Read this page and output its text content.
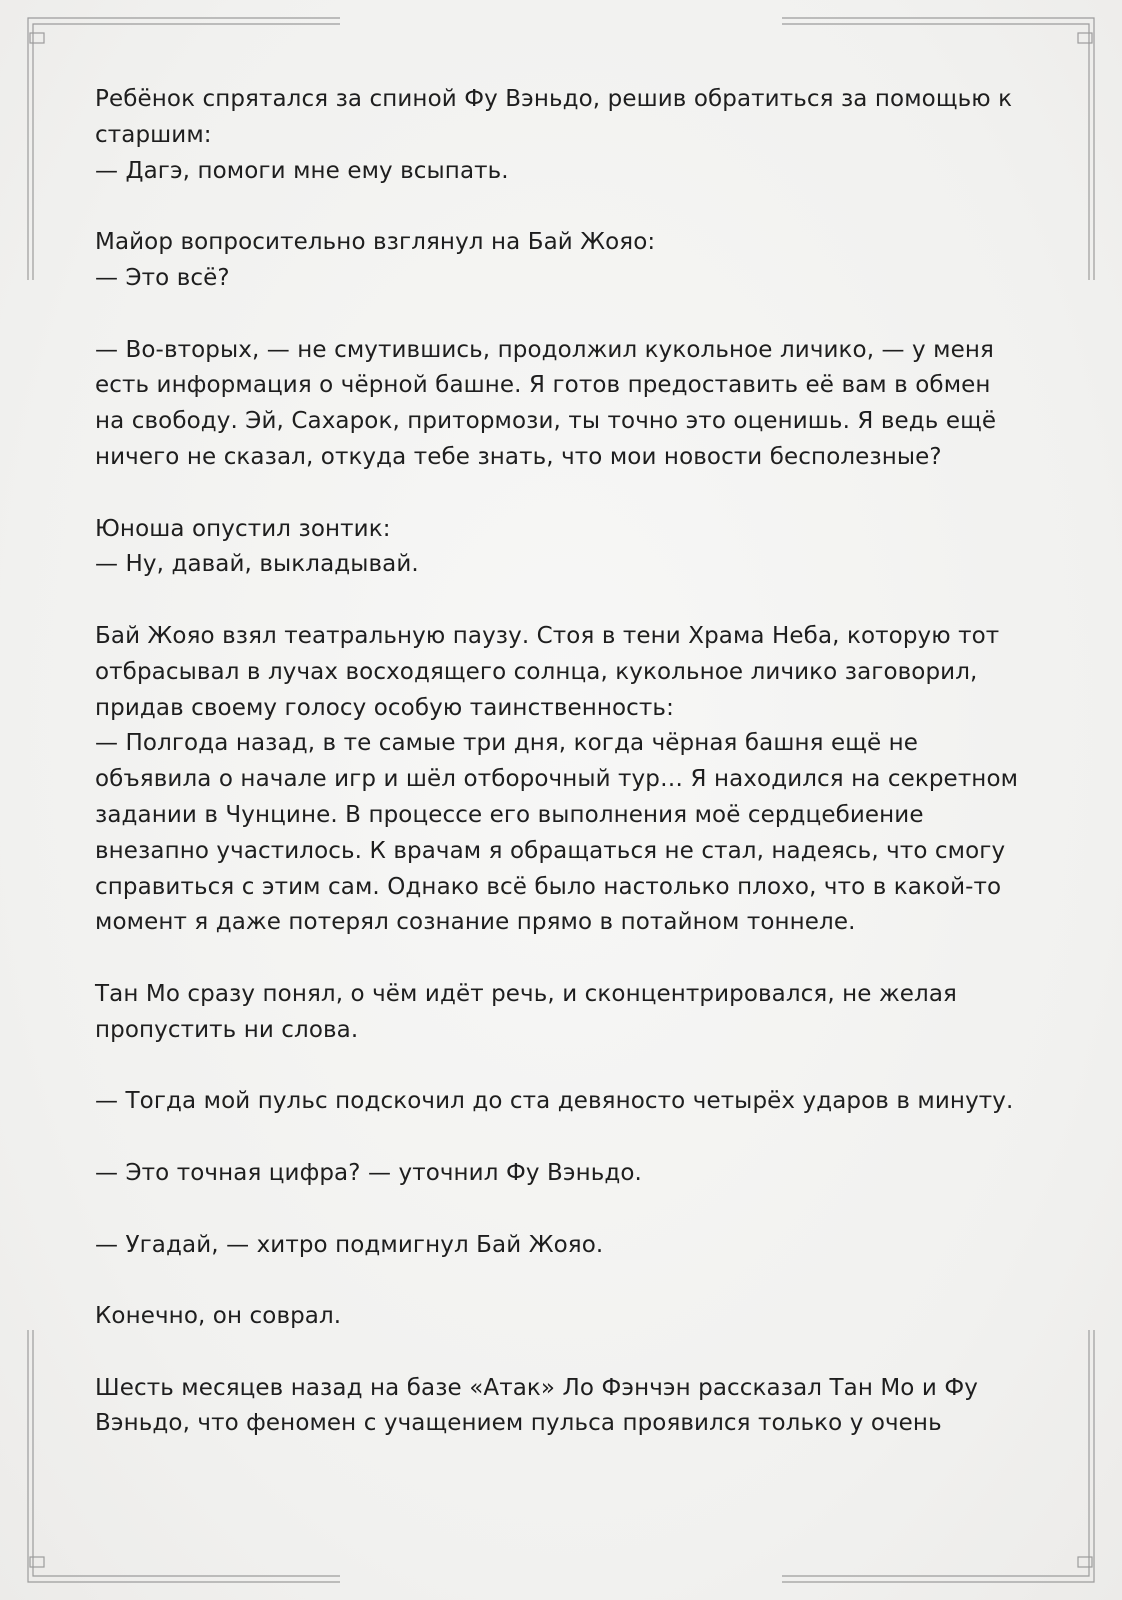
Ребёнок спрятался за спиной Фу Вэньдо, решив обратиться за помощью к
старшим:
— Дагэ, помоги мне ему всыпать.
Майор вопросительно взглянул на Бай Жояо:
— Это всё?
— Во-вторых, — не смутившись, продолжил кукольное личико, — у меня
есть информация о чёрной башне. Я готов предоставить её вам в обмен
на свободу. Эй, Сахарок, притормози, ты точно это оценишь. Я ведь ещё
ничего не сказал, откуда тебе знать, что мои новости бесполезные?
Юноша опустил зонтик:
— Ну, давай, выкладывай.
Бай Жояо взял театральную паузу. Стоя в тени Храма Неба, которую тот
отбрасывал в лучах восходящего солнца, кукольное личико заговорил,
придав своему голосу особую таинственность:
— Полгода назад, в те самые три дня, когда чёрная башня ещё не
объявила о начале игр и шёл отборочный тур… Я находился на секретном
задании в Чунцине. В процессе его выполнения моё сердцебиение
внезапно участилось. К врачам я обращаться не стал, надеясь, что смогу
справиться с этим сам. Однако всё было настолько плохо, что в какой-то
момент я даже потерял сознание прямо в потайном тоннеле.
Тан Мо сразу понял, о чём идёт речь, и сконцентрировался, не желая
пропустить ни слова.
— Тогда мой пульс подскочил до ста девяносто четырёх ударов в минуту.
— Это точная цифра? — уточнил Фу Вэньдо.
— Угадай, — хитро подмигнул Бай Жояо.
Конечно, он соврал.
Шесть месяцев назад на базе «Атак» Ло Фэнчэн рассказал Тан Мо и Фу
Вэньдо, что феномен с учащением пульса проявился только у очень
